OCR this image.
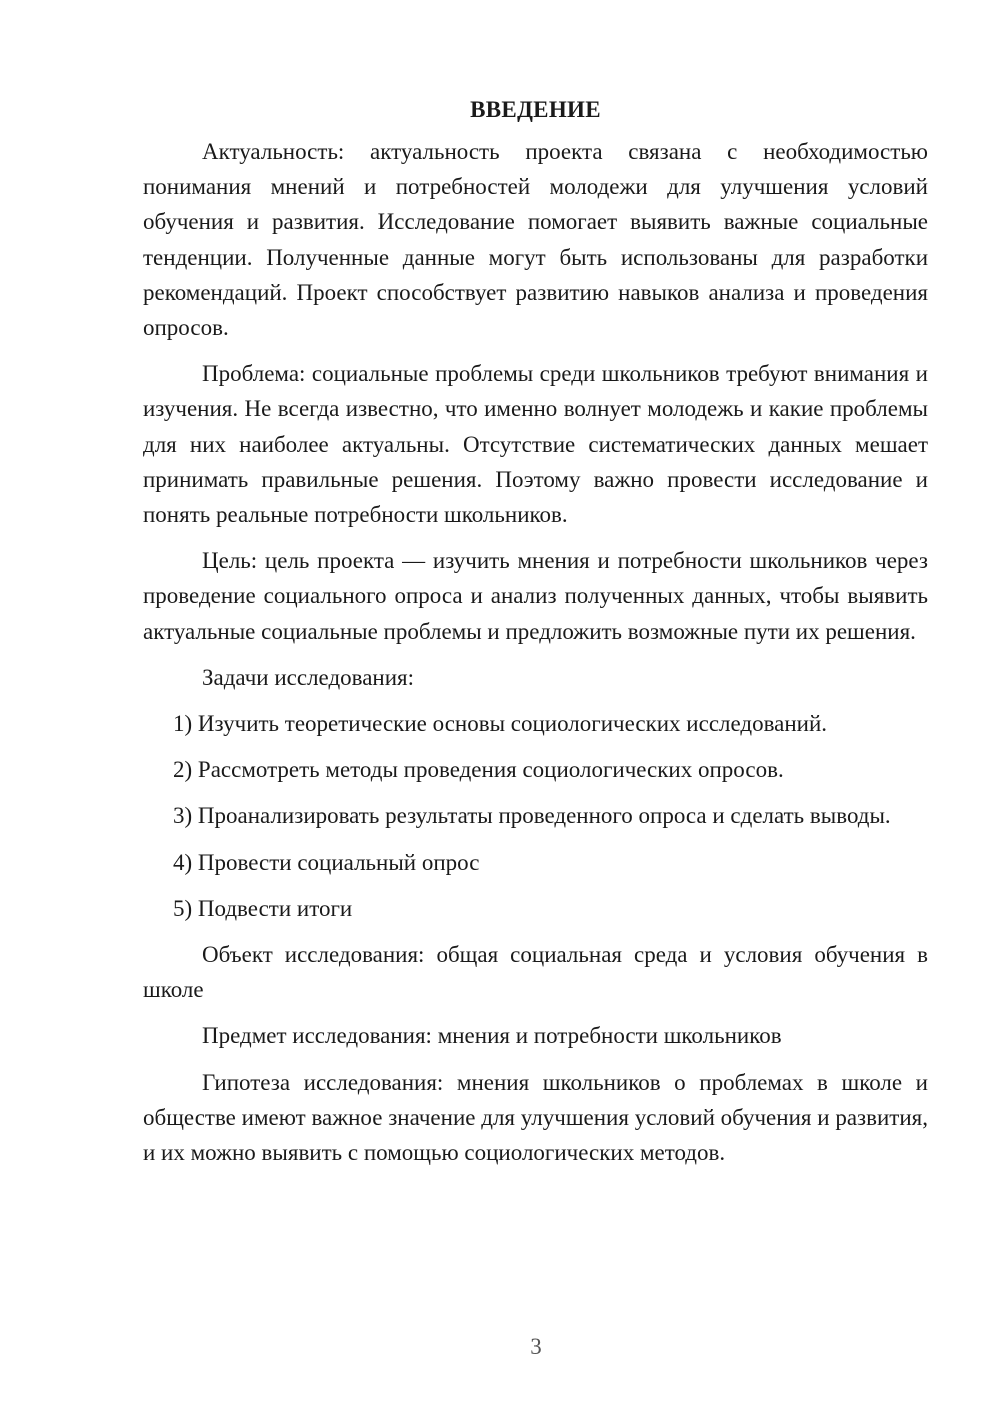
ВВЕДЕНИЕ

Актуальность: актуальность проекта связана с необходимостью понимания мнений и потребностей молодежи для улучшения условий обучения и развития. Исследование помогает выявить важные социальные тенденции. Полученные данные могут быть использованы для разработки рекомендаций. Проект способствует развитию навыков анализа и проведения опросов.

Проблема: социальные проблемы среди школьников требуют внимания и изучения. Не всегда известно, что именно волнует молодежь и какие проблемы для них наиболее актуальны. Отсутствие систематических данных мешает принимать правильные решения. Поэтому важно провести исследование и понять реальные потребности школьников.

Цель: цель проекта — изучить мнения и потребности школьников через проведение социального опроса и анализ полученных данных, чтобы выявить актуальные социальные проблемы и предложить возможные пути их решения.

Задачи исследования:

1) Изучить теоретические основы социологических исследований.

2) Рассмотреть методы проведения социологических опросов.

3) Проанализировать результаты проведенного опроса и сделать выводы.

4) Провести социальный опрос

5) Подвести итоги

Объект исследования: общая социальная среда и условия обучения в школе

Предмет исследования: мнения и потребности школьников

Гипотеза исследования: мнения школьников о проблемах в школе и обществе имеют важное значение для улучшения условий обучения и развития, и их можно выявить с помощью социологических методов.

3
